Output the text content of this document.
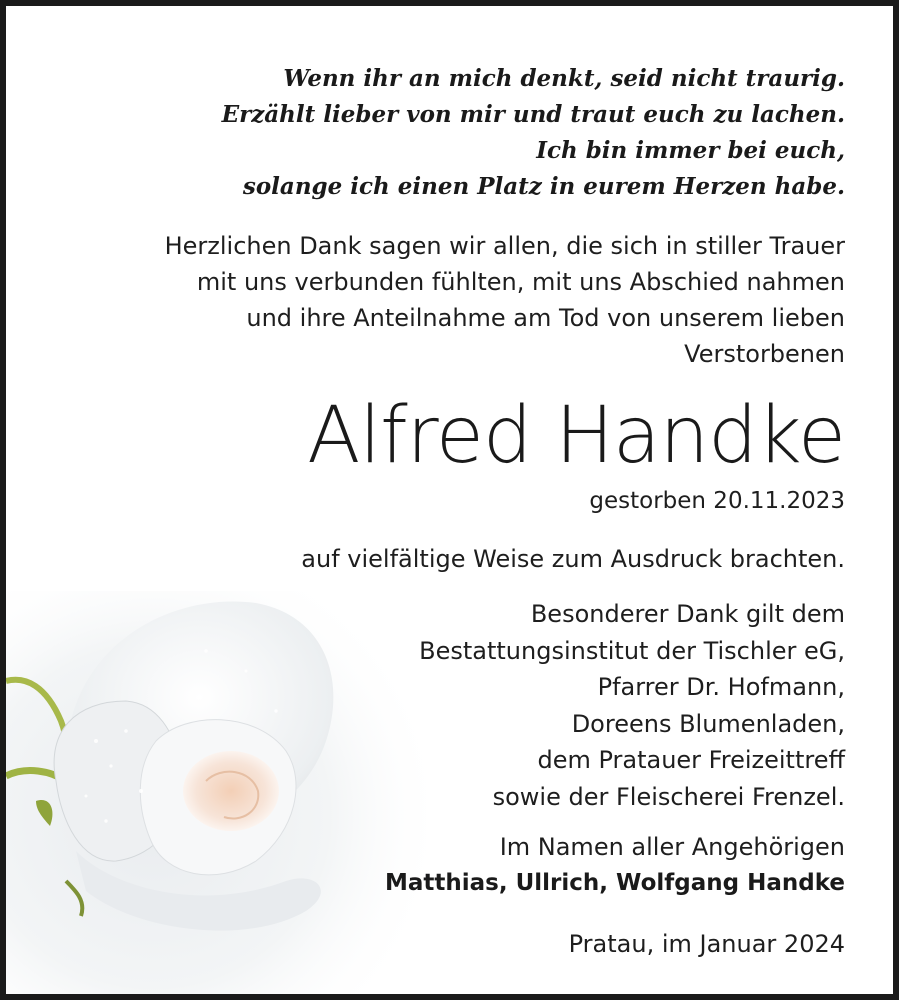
Wenn ihr an mich denkt, seid nicht traurig.
Erzählt lieber von mir und traut euch zu lachen.
Ich bin immer bei euch,
solange ich einen Platz in eurem Herzen habe.
Herzlichen Dank sagen wir allen, die sich in stiller Trauer
mit uns verbunden fühlten, mit uns Abschied nahmen
und ihre Anteilnahme am Tod von unserem lieben
Verstorbenen
Alfred Handke
gestorben 20.11.2023
auf vielfältige Weise zum Ausdruck brachten.
Besonderer Dank gilt dem
Bestattungsinstitut der Tischler eG,
Pfarrer Dr. Hofmann,
Doreens Blumenladen,
dem Pratauer Freizeittreff
sowie der Fleischerei Frenzel.
Im Namen aller Angehörigen
Matthias, Ullrich, Wolfgang Handke
Pratau, im Januar 2024
